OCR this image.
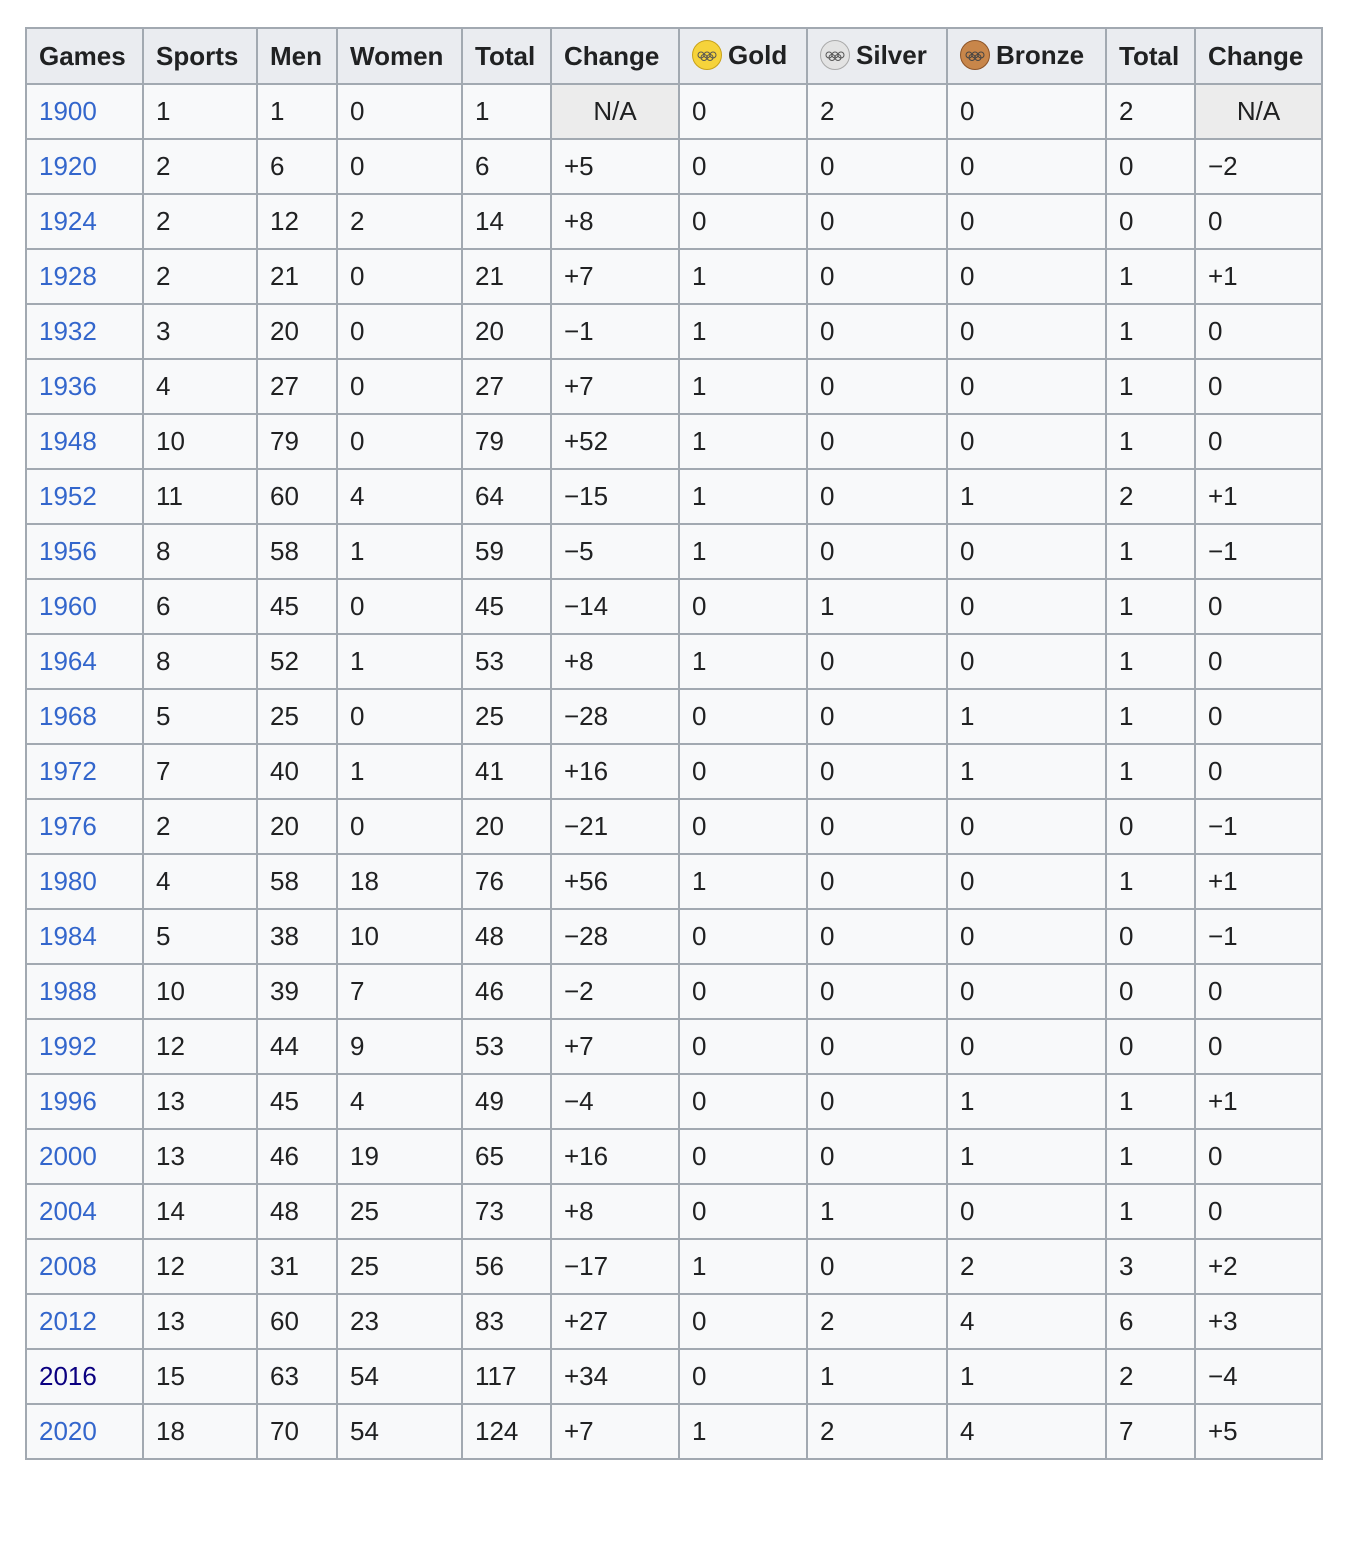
Games	Sports	Men	Women	Total	Change	Gold	Silver	Bronze	Total	Change
1900	1	1	0	1	N/A	0	2	0	2	N/A
1920	2	6	0	6	+5	0	0	0	0	−2
1924	2	12	2	14	+8	0	0	0	0	0
1928	2	21	0	21	+7	1	0	0	1	+1
1932	3	20	0	20	−1	1	0	0	1	0
1936	4	27	0	27	+7	1	0	0	1	0
1948	10	79	0	79	+52	1	0	0	1	0
1952	11	60	4	64	−15	1	0	1	2	+1
1956	8	58	1	59	−5	1	0	0	1	−1
1960	6	45	0	45	−14	0	1	0	1	0
1964	8	52	1	53	+8	1	0	0	1	0
1968	5	25	0	25	−28	0	0	1	1	0
1972	7	40	1	41	+16	0	0	1	1	0
1976	2	20	0	20	−21	0	0	0	0	−1
1980	4	58	18	76	+56	1	0	0	1	+1
1984	5	38	10	48	−28	0	0	0	0	−1
1988	10	39	7	46	−2	0	0	0	0	0
1992	12	44	9	53	+7	0	0	0	0	0
1996	13	45	4	49	−4	0	0	1	1	+1
2000	13	46	19	65	+16	0	0	1	1	0
2004	14	48	25	73	+8	0	1	0	1	0
2008	12	31	25	56	−17	1	0	2	3	+2
2012	13	60	23	83	+27	0	2	4	6	+3
2016	15	63	54	117	+34	0	1	1	2	−4
2020	18	70	54	124	+7	1	2	4	7	+5
